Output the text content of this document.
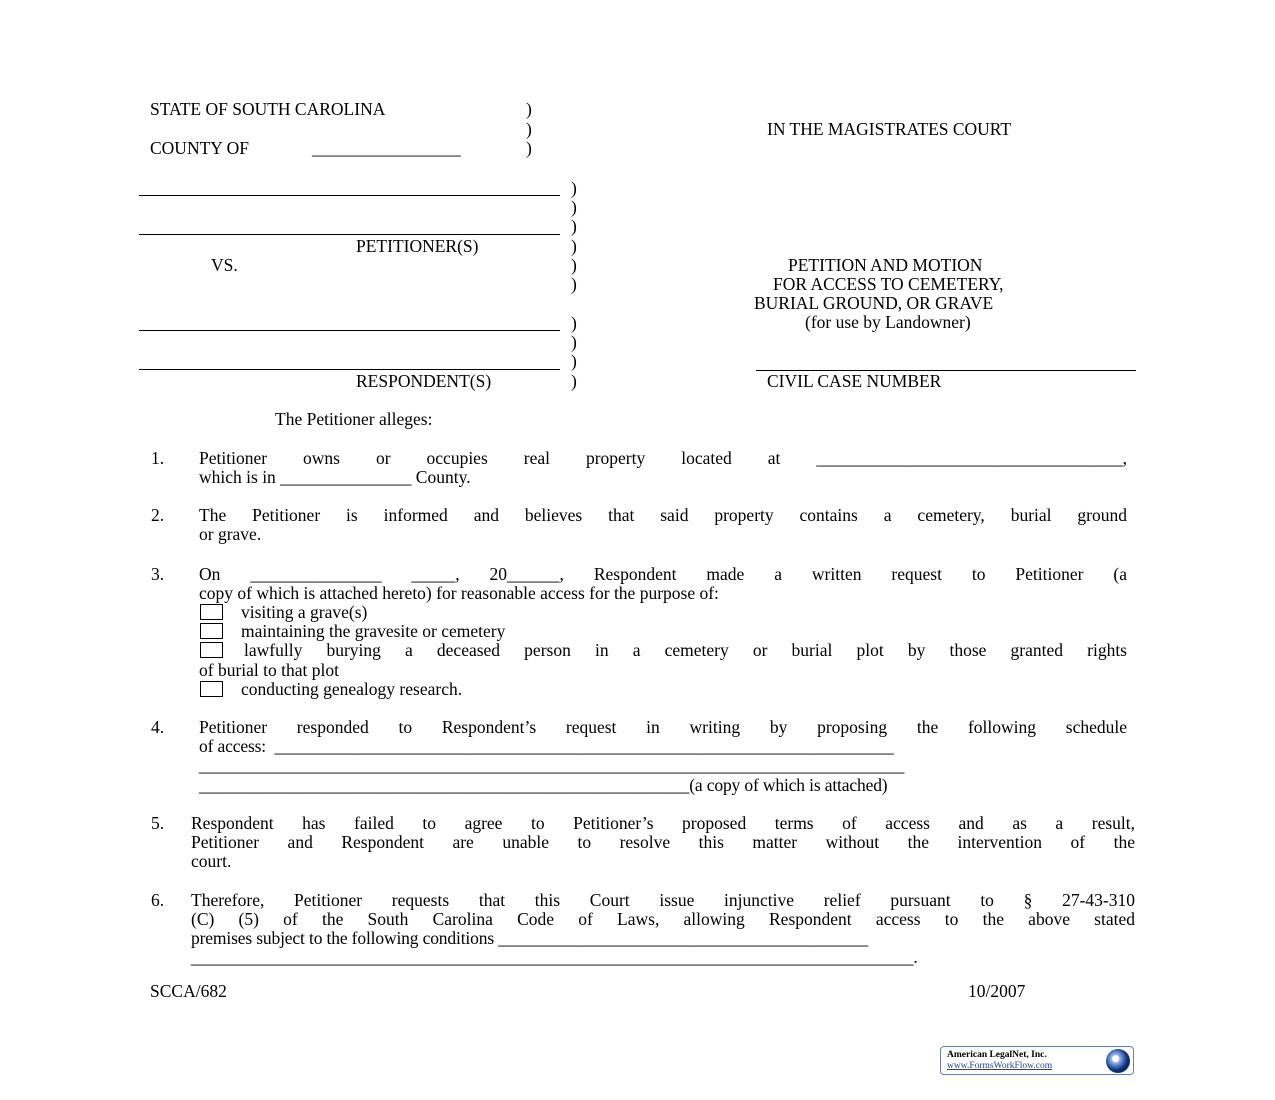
STATE OF SOUTH CAROLINA
COUNTY OF	_________________
)
)
)
IN THE MAGISTRATES COURT
PETITIONER(S)
VS.
RESPONDENT(S)
)
)
)
)
)
)
)
)
)
)
PETITION AND MOTION
FOR ACCESS TO CEMETERY,
BURIAL GROUND, OR GRAVE
(for use by Landowner)
CIVIL CASE NUMBER
The Petitioner alleges:
1. Petitioner owns or occupies real property located at ___________________________________,
which is in _______________ County.
2. The Petitioner is informed and believes that said property contains a cemetery, burial ground
or grave.
3. On _______________ _____, 20______, Respondent made a written request to Petitioner (a
copy of which is attached hereto) for reasonable access for the purpose of:
visiting a grave(s)
maintaining the gravesite or cemetery
lawfully burying a deceased person in a cemetery or burial plot by those granted rights
of burial to that plot
conducting genealogy research.
4. Petitioner responded to Respondent’s request in writing by proposing the following schedule
of access:  ________________________________________________________________________
__________________________________________________________________________________
_________________________________________________________(a copy of which is attached)
5. Respondent has failed to agree to Petitioner’s proposed terms of access and as a result,
Petitioner and Respondent are unable to resolve this matter without the intervention of the
court.
6. Therefore, Petitioner requests that this Court issue injunctive relief pursuant to § 27-43-310
(C) (5) of the South Carolina Code of Laws, allowing Respondent access to the above stated
premises subject to the following conditions ___________________________________________
____________________________________________________________________________________.
SCCA/682	10/2007
American LegalNet, Inc.
www.FormsWorkFlow.com
